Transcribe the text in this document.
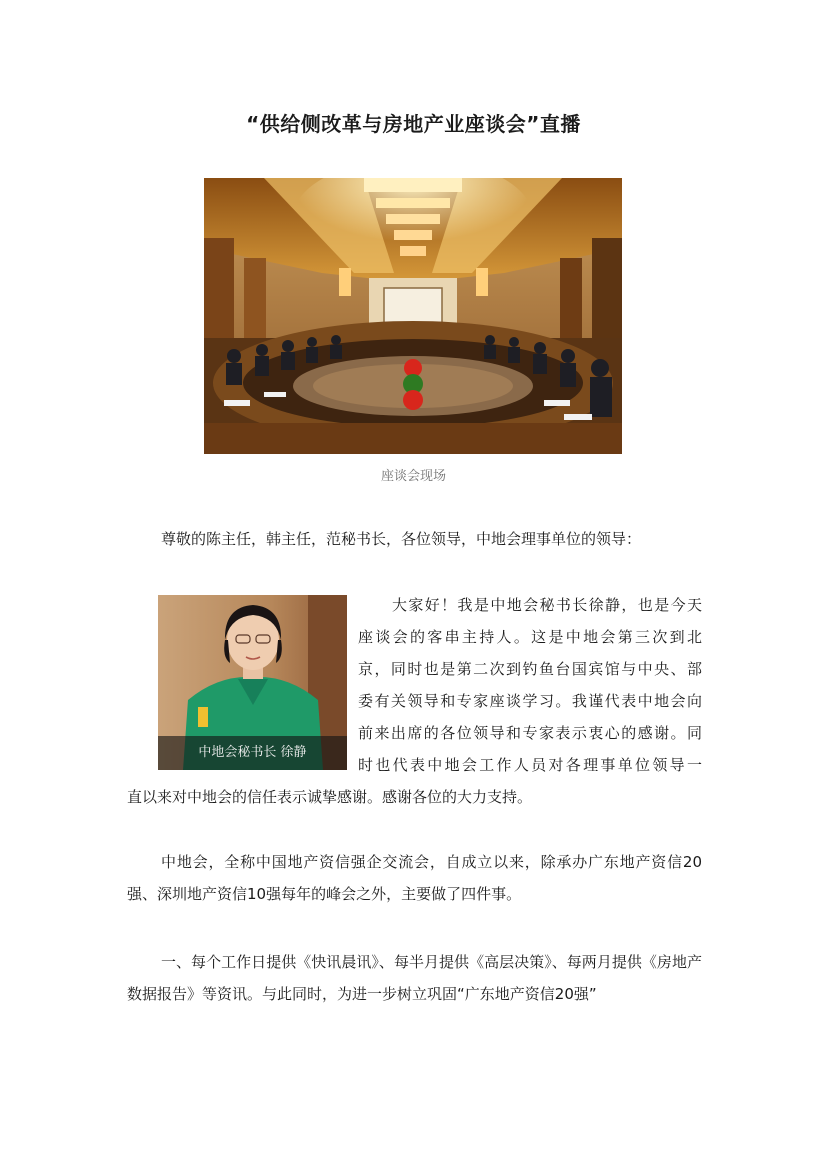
“供给侧改革与房地产业座谈会”直播
座谈会现场

尊敬的陈主任，韩主任，范秘书长，各位领导，中地会理事单位的领导：

中地会秘书长 徐静
大家好！我是中地会秘书长徐静，也是今天
座谈会的客串主持人。这是中地会第三次到北
京，同时也是第二次到钓鱼台国宾馆与中央、部
委有关领导和专家座谈学习。我谨代表中地会向
前来出席的各位领导和专家表示衷心的感谢。同
时也代表中地会工作人员对各理事单位领导一

直以来对中地会的信任表示诚挚感谢。感谢各位的大力支持。

中地会，全称中国地产资信强企交流会，自成立以来，除承办广东地产资信20强、深圳地产资信10强每年的峰会之外，主要做了四件事。

一、每个工作日提供《快讯晨讯》、每半月提供《高层决策》、每两月提供《房地产数据报告》等资讯。与此同时，为进一步树立巩固“广东地产资信20强”
